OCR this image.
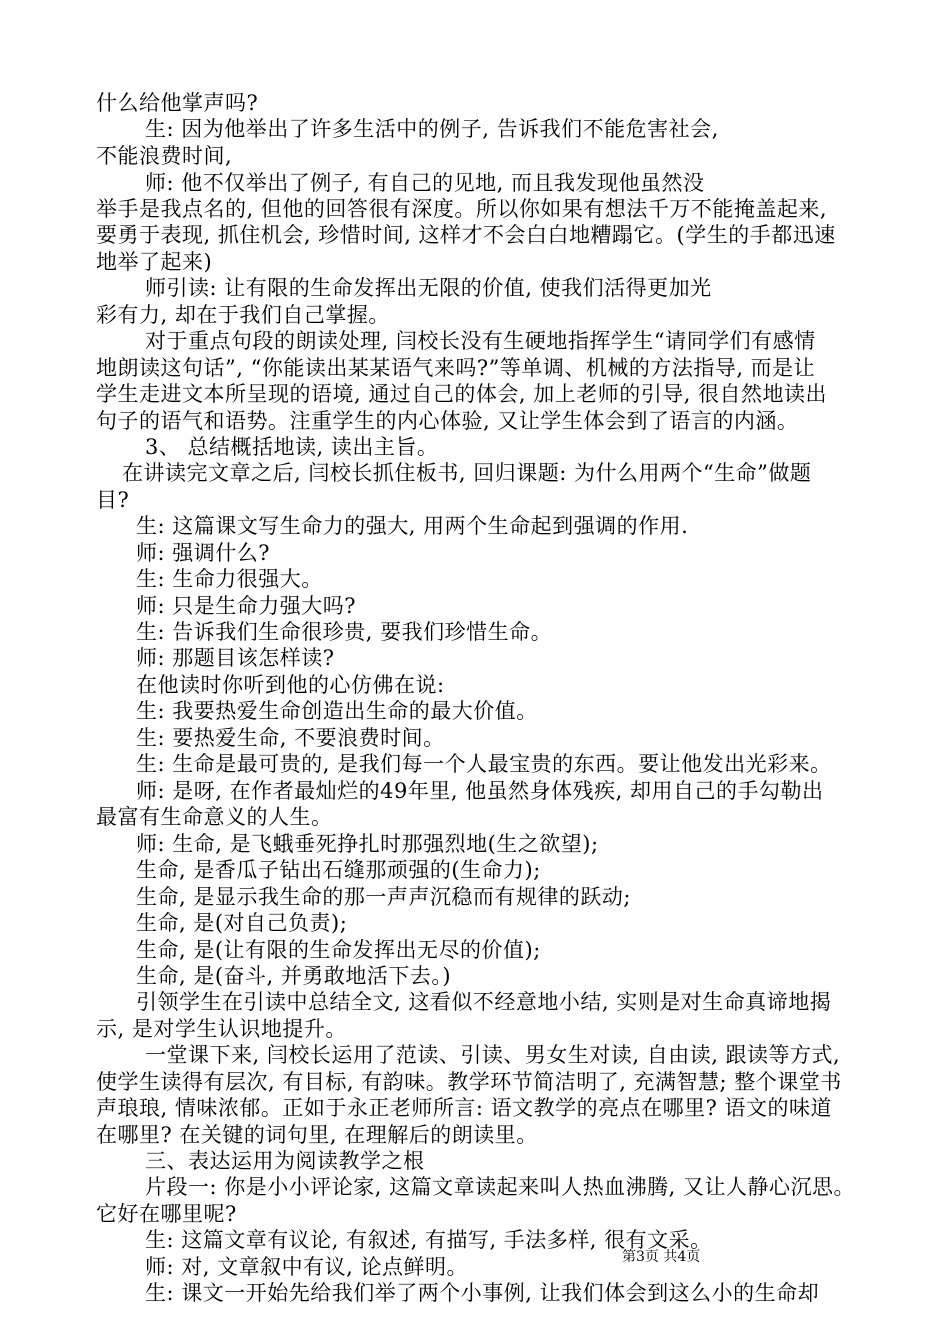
什么给他掌声吗?
生: 因为他举出了许多生活中的例子, 告诉我们不能危害社会,
不能浪费时间,
师: 他不仅举出了例子, 有自己的见地, 而且我发现他虽然没
举手是我点名的, 但他的回答很有深度。所以你如果有想法千万不能掩盖起来,
要勇于表现, 抓住机会, 珍惜时间, 这样才不会白白地糟蹋它。(学生的手都迅速
地举了起来)
师引读: 让有限的生命发挥出无限的价值, 使我们活得更加光
彩有力, 却在于我们自己掌握。
对于重点句段的朗读处理, 闫校长没有生硬地指挥学生“请同学们有感情
地朗读这句话”, “你能读出某某语气来吗?”等单调、机械的方法指导, 而是让
学生走进文本所呈现的语境, 通过自己的体会, 加上老师的引导, 很自然地读出
句子的语气和语势。注重学生的内心体验, 又让学生体会到了语言的内涵。
3、 总结概括地读, 读出主旨。
在讲读完文章之后, 闫校长抓住板书, 回归课题: 为什么用两个“生命”做题
目?
生: 这篇课文写生命力的强大, 用两个生命起到强调的作用.
师: 强调什么?
生: 生命力很强大。
师: 只是生命力强大吗?
生: 告诉我们生命很珍贵, 要我们珍惜生命。
师: 那题目该怎样读?
在他读时你听到他的心仿佛在说:
生: 我要热爱生命创造出生命的最大价值。
生: 要热爱生命, 不要浪费时间。
生: 生命是最可贵的, 是我们每一个人最宝贵的东西。要让他发出光彩来。
师: 是呀, 在作者最灿烂的49年里, 他虽然身体残疾, 却用自己的手勾勒出
最富有生命意义的人生。
师: 生命, 是飞蛾垂死挣扎时那强烈地(生之欲望);
生命, 是香瓜子钻出石缝那顽强的(生命力);
生命, 是显示我生命的那一声声沉稳而有规律的跃动;
生命, 是(对自己负责);
生命, 是(让有限的生命发挥出无尽的价值);
生命, 是(奋斗, 并勇敢地活下去。)
引领学生在引读中总结全文, 这看似不经意地小结, 实则是对生命真谛地揭
示, 是对学生认识地提升。
一堂课下来, 闫校长运用了范读、引读、男女生对读, 自由读, 跟读等方式,
使学生读得有层次, 有目标, 有韵味。教学环节简洁明了, 充满智慧; 整个课堂书
声琅琅, 情味浓郁。正如于永正老师所言: 语文教学的亮点在哪里? 语文的味道
在哪里? 在关键的词句里, 在理解后的朗读里。
三、表达运用为阅读教学之根
片段一: 你是小小评论家, 这篇文章读起来叫人热血沸腾, 又让人静心沉思。
它好在哪里呢?
生: 这篇文章有议论, 有叙述, 有描写, 手法多样, 很有文采。
师: 对, 文章叙中有议, 论点鲜明。
生: 课文一开始先给我们举了两个小事例, 让我们体会到这么小的生命却
第3页 共4页
